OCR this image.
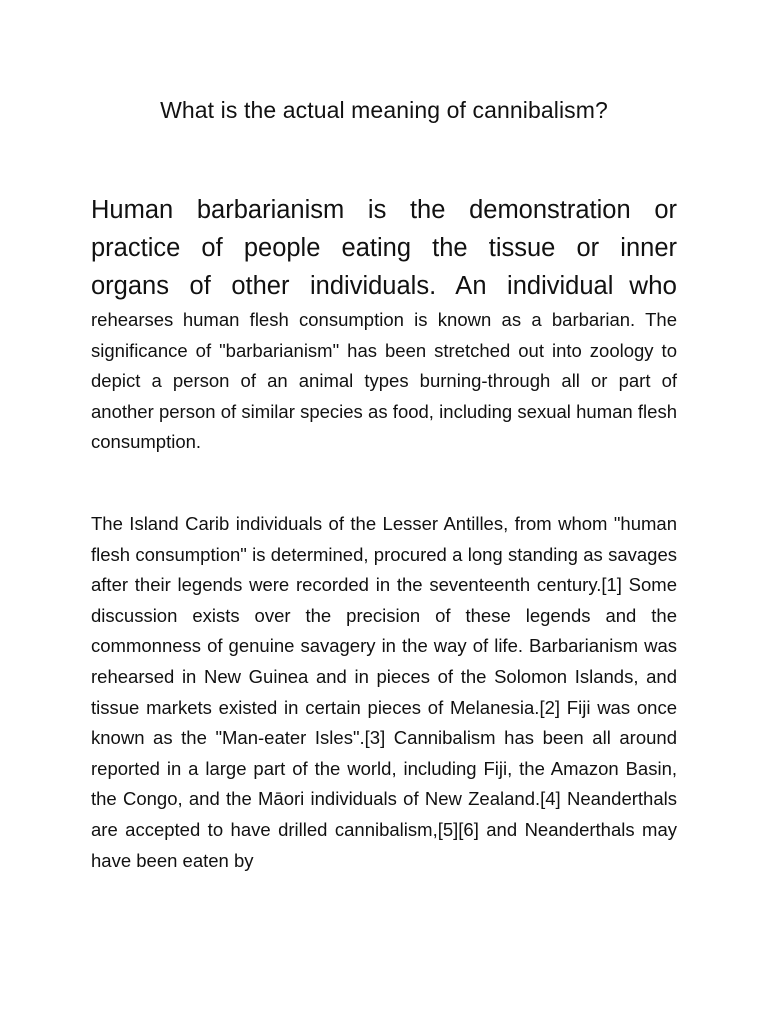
What is the actual meaning of cannibalism?

Human barbarianism is the demonstration or practice of people eating the tissue or inner organs of other individuals. An individual who rehearses human flesh consumption is known as a barbarian. The significance of "barbarianism" has been stretched out into zoology to depict a person of an animal types burning-through all or part of another person of similar species as food, including sexual human flesh consumption.

The Island Carib individuals of the Lesser Antilles, from whom "human flesh consumption" is determined, procured a long standing as savages after their legends were recorded in the seventeenth century.[1] Some discussion exists over the precision of these legends and the commonness of genuine savagery in the way of life. Barbarianism was rehearsed in New Guinea and in pieces of the Solomon Islands, and tissue markets existed in certain pieces of Melanesia.[2] Fiji was once known as the "Man-eater Isles".[3] Cannibalism has been all around reported in a large part of the world, including Fiji, the Amazon Basin, the Congo, and the Māori individuals of New Zealand.[4] Neanderthals are accepted to have drilled cannibalism,[5][6] and Neanderthals may have been eaten by
